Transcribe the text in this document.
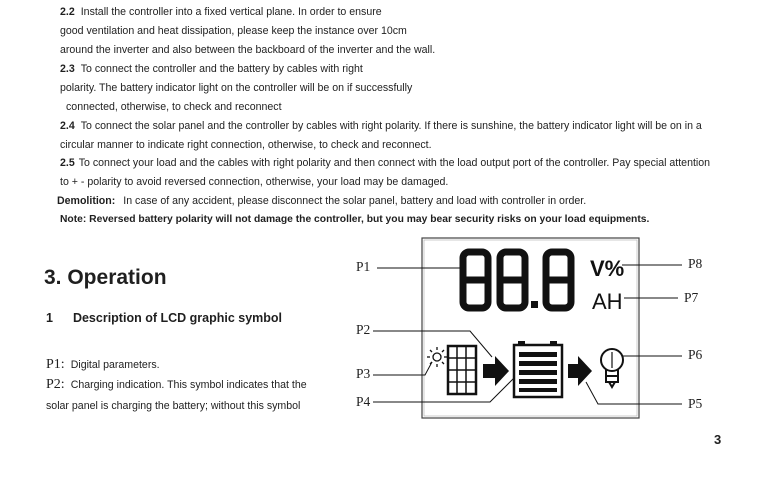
2.2 Install the controller into a fixed vertical plane. In order to ensure
good ventilation and heat dissipation, please keep the instance over 10cm
around the inverter and also between the backboard of the inverter and the wall.
2.3 To connect the controller and the battery by cables with right
polarity. The battery indicator light on the controller will be on if successfully
connected, otherwise, to check and reconnect
2.4 To connect the solar panel and the controller by cables with right polarity. If there is sunshine, the battery indicator light will be on in a
circular manner to indicate right connection, otherwise, to check and reconnect.
2.5 To connect your load and the cables with right polarity and then connect with the load output port of the controller. Pay special attention
to + - polarity to avoid reversed connection, otherwise, your load may be damaged.
Demolition: In case of any accident, please disconnect the solar panel, battery and load with controller in order.
Note: Reversed battery polarity will not damage the controller, but you may bear security risks on your load equipments.
3. Operation
1 Description of LCD graphic symbol
P1: Digital parameters.
P2: Charging indication. This symbol indicates that the
solar panel is charging the battery; without this symbol
V%
AH
P1
P2
P3
P4
P8
P7
P6
P5
3
